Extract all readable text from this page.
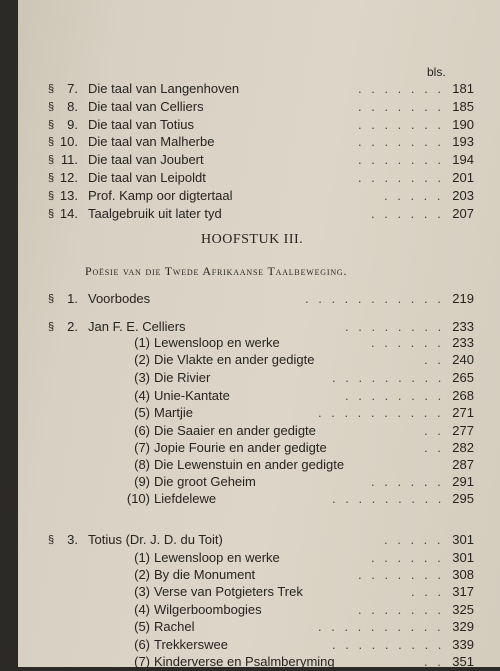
bls.
§	7. Die taal van Langenhoven	. . . . . . . 181
§	8. Die taal van Celliers	. . . . . . . 185
§	9. Die taal van Totius	. . . . . . . 190
§ 10. Die taal van Malherbe	. . . . . . . 193
§ 11. Die taal van Joubert	. . . . . . . 194
§ 12. Die taal van Leipoldt	. . . . . . . 201
§ 13. Prof. Kamp oor digtertaal	. . . . . 203
§ 14. Taalgebruik uit later tyd	. . . . . . 207
HOOFSTUK III.
Poësie van die Twede Afrikaanse Taalbeweging.
§	1. Voorbodes	. . . . . . . . . . . 219
§	2. Jan F. E. Celliers	. . . . . . . . 233
(1) Lewensloop en werke	. . . . . . 233
(2) Die Vlakte en ander gedigte	. . 240
(3) Die Rivier	. . . . . . . . . 265
(4) Unie-Kantate	. . . . . . . . 268
(5) Martjie	. . . . . . . . . . 271
(6) Die Saaier en ander gedigte	. . 277
(7) Jopie Fourie en ander gedigte	. . 282
(8) Die Lewenstuin en ander gedigte	287
(9) Die groot Geheim	. . . . . . 291
(10) Liefdelewe	. . . . . . . . . 295
§	3. Totius (Dr. J. D. du Toit)	. . . . . 301
(1) Lewensloop en werke	. . . . . . 301
(2) By die Monument	. . . . . . . 308
(3) Verse van Potgieters Trek	. . . 317
(4) Wilgerboombogies	. . . . . . . 325
(5) Rachel	. . . . . . . . . . 329
(6) Trekkerswee	. . . . . . . . . 339
(7) Kinderverse en Psalmberyming	. . 351
